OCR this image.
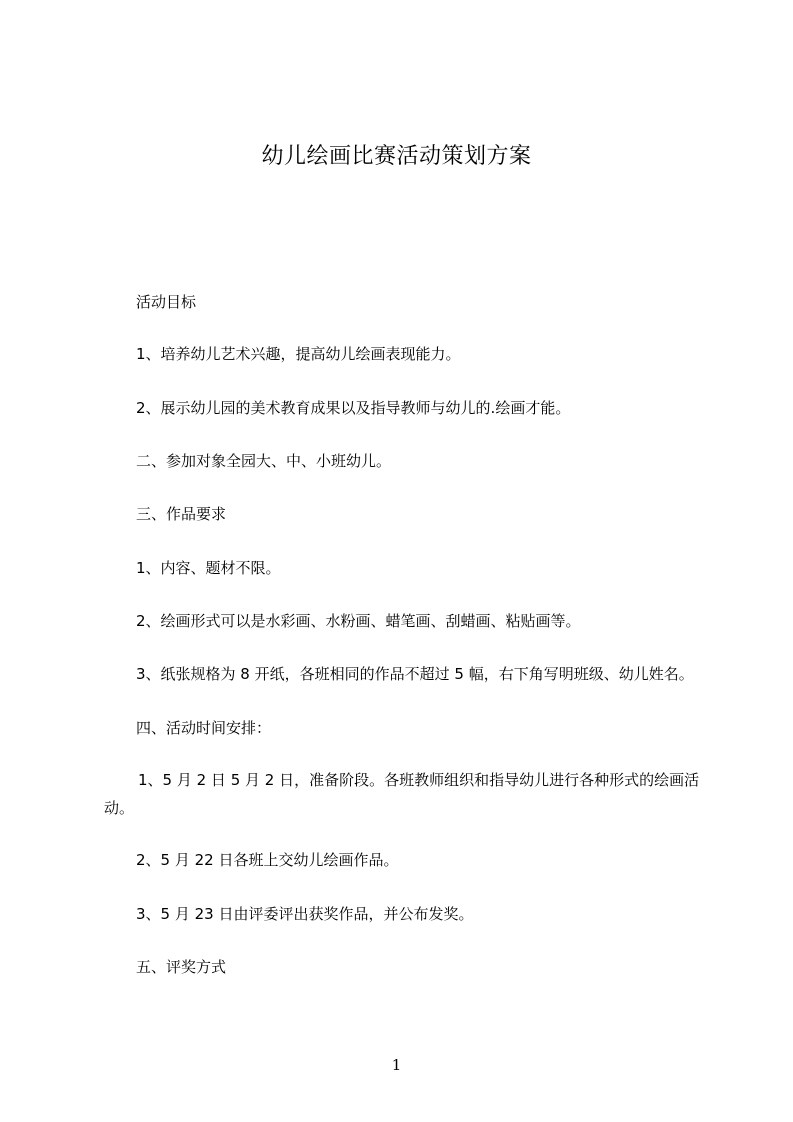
幼儿绘画比赛活动策划方案
活动目标
1、培养幼儿艺术兴趣，提高幼儿绘画表现能力。
2、展示幼儿园的美术教育成果以及指导教师与幼儿的.绘画才能。
二、参加对象全园大、中、小班幼儿。
三、作品要求
1、内容、题材不限。
2、绘画形式可以是水彩画、水粉画、蜡笔画、刮蜡画、粘贴画等。
3、纸张规格为 8 开纸，各班相同的作品不超过 5 幅，右下角写明班级、幼儿姓名。
四、活动时间安排：
1、5 月 2 日 5 月 2 日，准备阶段。各班教师组织和指导幼儿进行各种形式的绘画活动。
2、5 月 22 日各班上交幼儿绘画作品。
3、5 月 23 日由评委评出获奖作品，并公布发奖。
五、评奖方式
1
